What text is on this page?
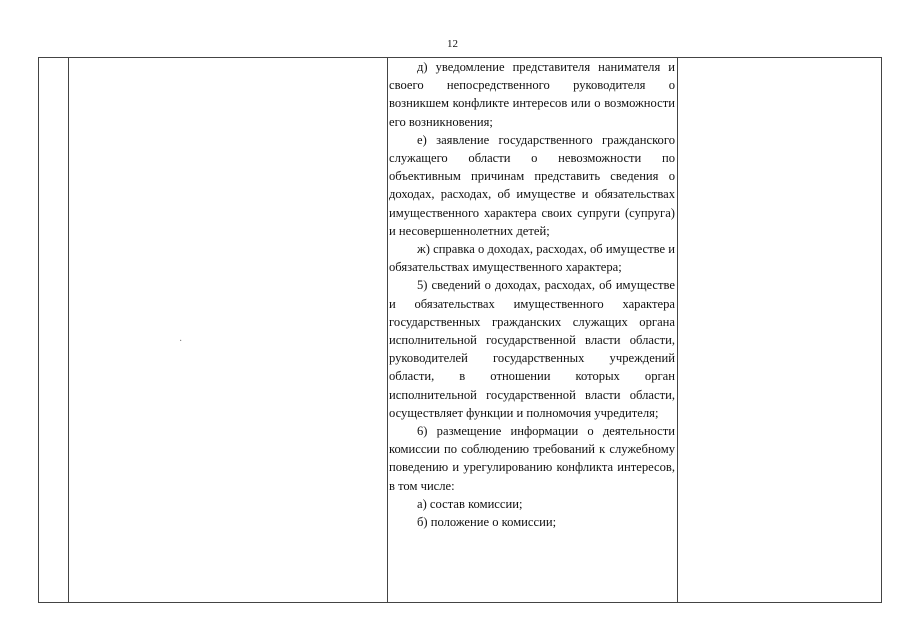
12

д) уведомление представителя нанимателя и своего непосредственного руководителя о возникшем конфликте интересов или о возможности его возникновения;

е) заявление государственного гражданского служащего области о невозможности по объективным причинам представить сведения о доходах, расходах, об имуществе и обязательствах имущественного характера своих супруги (супруга) и несовершеннолетних детей;

ж) справка о доходах, расходах, об имуществе и обязательствах имущественного характера;

5) сведений о доходах, расходах, об имуществе и обязательствах имущественного характера государственных гражданских служащих органа исполнительной государственной власти области, руководителей государственных учреждений области, в отношении которых орган исполнительной государственной власти области, осуществляет функции и полномочия учредителя;

6) размещение информации о деятельности комиссии по соблюдению требований к служебному поведению и урегулированию конфликта интересов, в том числе:

а) состав комиссии;

б) положение о комиссии;

·
